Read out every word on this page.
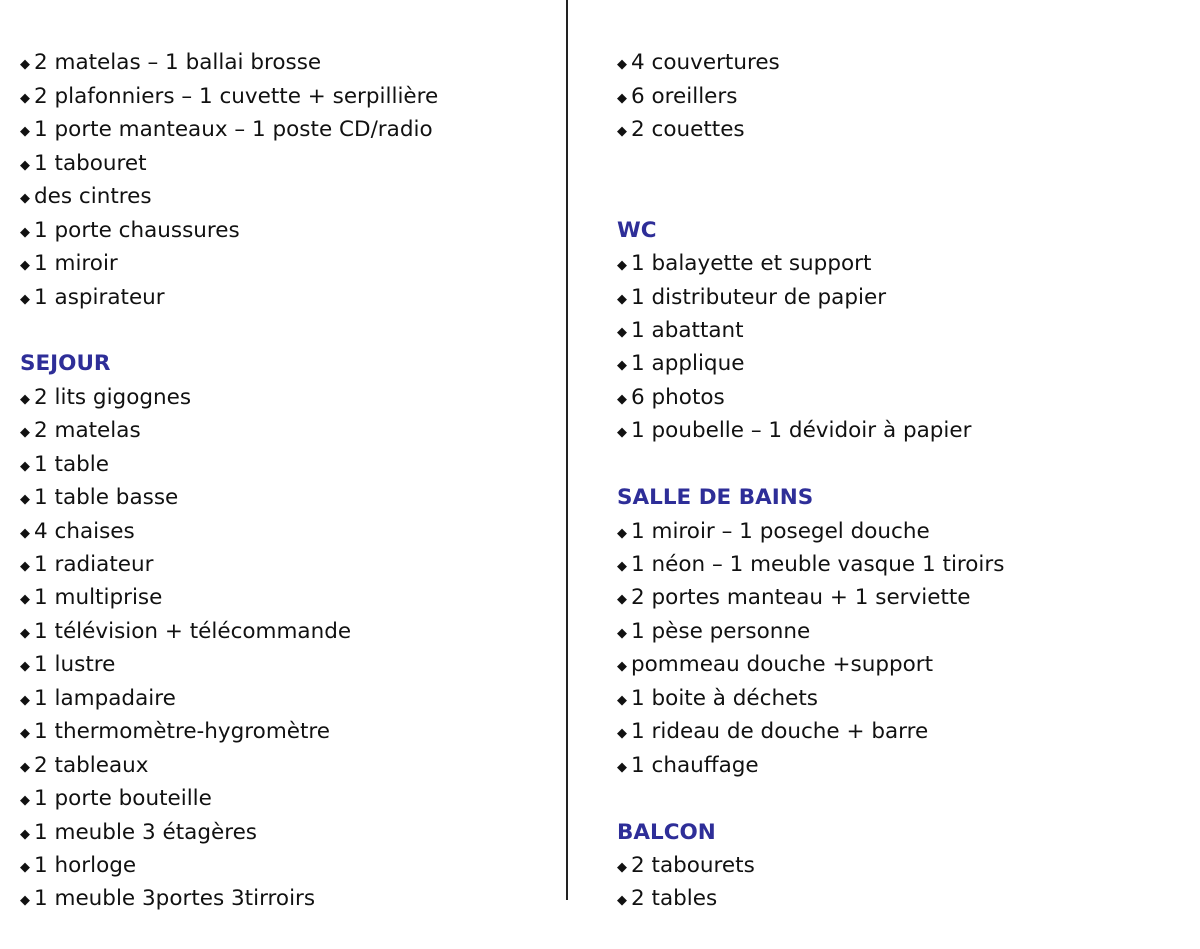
◆ 2 matelas – 1 ballai brosse
◆ 2 plafonniers – 1 cuvette + serpillière
◆ 1 porte manteaux – 1 poste CD/radio
◆ 1 tabouret
◆ des cintres
◆ 1 porte chaussures
◆ 1 miroir
◆ 1 aspirateur
SEJOUR
◆ 2 lits gigognes
◆ 2 matelas
◆ 1 table
◆ 1 table basse
◆ 4 chaises
◆ 1 radiateur
◆ 1 multiprise
◆ 1 télévision + télécommande
◆ 1 lustre
◆ 1 lampadaire
◆ 1 thermomètre-hygromètre
◆ 2 tableaux
◆ 1 porte bouteille
◆ 1 meuble 3 étagères
◆ 1 horloge
◆ 1 meuble 3portes 3tirroirs
◆ 4 couvertures
◆ 6 oreillers
◆ 2 couettes
WC
◆ 1 balayette et support
◆ 1 distributeur de papier
◆ 1 abattant
◆ 1 applique
◆ 6 photos
◆ 1 poubelle – 1 dévidoir à papier
SALLE DE BAINS
◆ 1 miroir – 1 posegel douche
◆ 1 néon – 1 meuble vasque 1 tiroirs
◆ 2 portes manteau + 1 serviette
◆ 1 pèse personne
◆ pommeau douche +support
◆ 1 boite à déchets
◆ 1 rideau de douche + barre
◆ 1 chauffage
BALCON
◆ 2 tabourets
◆ 2 tables
